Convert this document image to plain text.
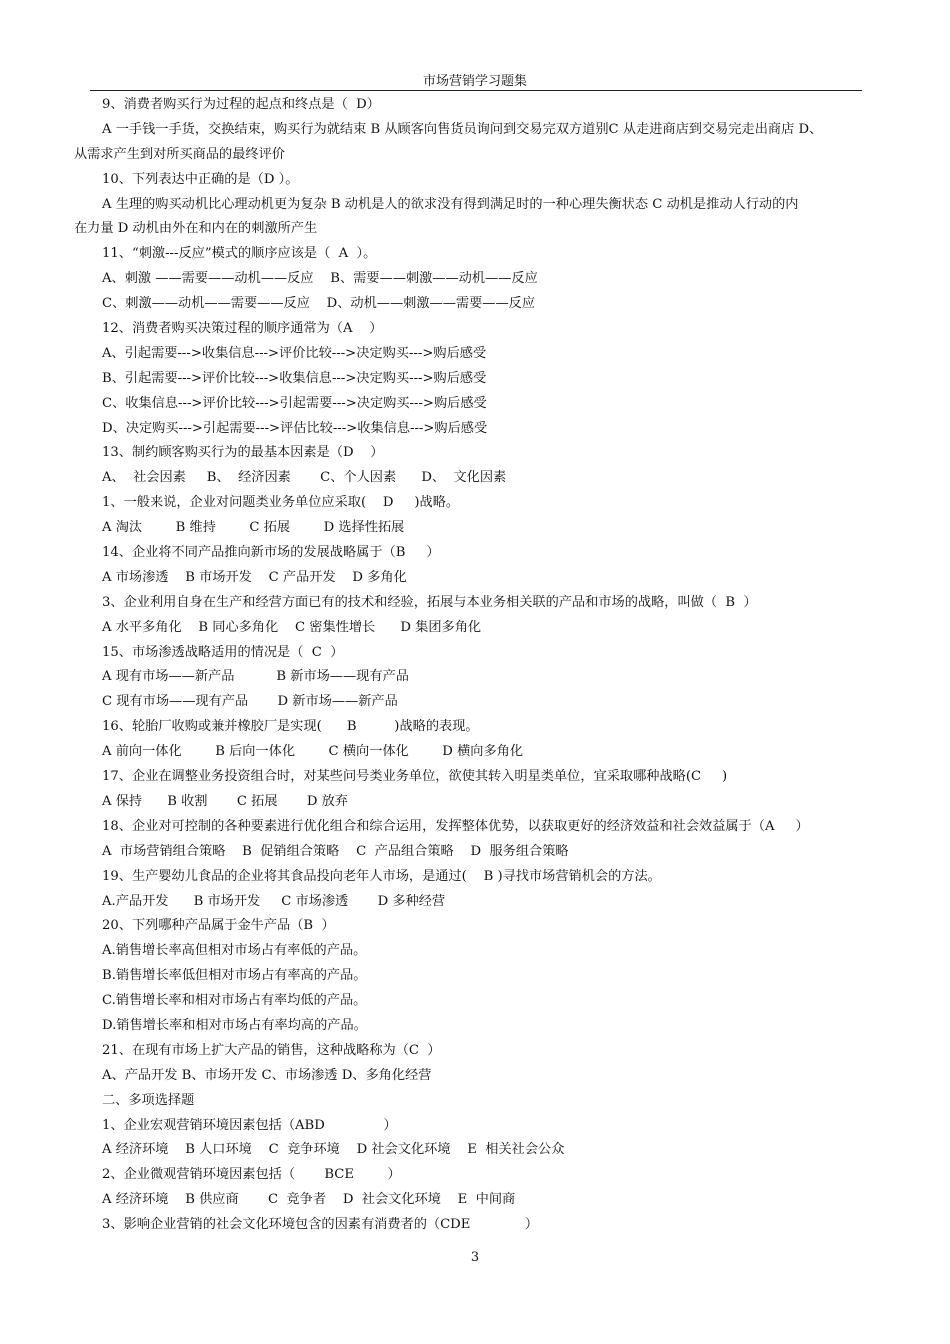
市场营销学习题集
9、消费者购买行为过程的起点和终点是（  D）
A 一手钱一手货，交换结束，购买行为就结束 B 从顾客向售货员询问到交易完双方道别C 从走进商店到交易完走出商店 D、
从需求产生到对所买商品的最终评价
10、下列表达中正确的是（D ）。
A 生理的购买动机比心理动机更为复杂 B 动机是人的欲求没有得到满足时的一种心理失衡状态 C 动机是推动人行动的内
在力量 D 动机由外在和内在的刺激所产生
11、“刺激---反应”模式的顺序应该是（  A  ）。
A、刺激 ——需要——动机——反应    B、需要——刺激——动机——反应
C、刺激——动机——需要——反应    D、动机——刺激——需要——反应
12、消费者购买决策过程的顺序通常为（A    ）
A、引起需要--->收集信息--->评价比较--->决定购买--->购后感受
B、引起需要--->评价比较--->收集信息--->决定购买--->购后感受
C、收集信息--->评价比较--->引起需要--->决定购买--->购后感受
D、决定购买--->引起需要--->评估比较--->收集信息--->购后感受
13、制约顾客购买行为的最基本因素是（D    ）
A、  社会因素     B、  经济因素       C、个人因素      D、  文化因素
1、一般来说，企业对问题类业务单位应采取(    D     )战略。
A 淘汰        B 维持        C 拓展        D 选择性拓展
14、企业将不同产品推向新市场的发展战略属于（B     ）
A 市场渗透    B 市场开发    C 产品开发    D 多角化
3、企业利用自身在生产和经营方面已有的技术和经验，拓展与本业务相关联的产品和市场的战略，叫做（  B  ）
A 水平多角化    B 同心多角化    C 密集性增长      D 集团多角化
15、市场渗透战略适用的情况是（  C  ）
A 现有市场——新产品          B 新市场——现有产品
C 现有市场——现有产品       D 新市场——新产品
16、轮胎厂收购或兼并橡胶厂是实现(      B         )战略的表现。
A 前向一体化        B 后向一体化        C 横向一体化        D 横向多角化
17、企业在调整业务投资组合时，对某些问号类业务单位，欲使其转入明星类单位，宜采取哪种战略(C     )
A 保持      B 收割       C 拓展       D 放弃
18、企业对可控制的各种要素进行优化组合和综合运用，发挥整体优势，以获取更好的经济效益和社会效益属于（A     ）
A  市场营销组合策略    B  促销组合策略    C  产品组合策略    D  服务组合策略
19、生产婴幼儿食品的企业将其食品投向老年人市场，是通过(    B )寻找市场营销机会的方法。
A.产品开发      B 市场开发     C 市场渗透       D 多种经营
20、下列哪种产品属于金牛产品（B  ）
A.销售增长率高但相对市场占有率低的产品。
B.销售增长率低但相对市场占有率高的产品。
C.销售增长率和相对市场占有率均低的产品。
D.销售增长率和相对市场占有率均高的产品。
21、在现有市场上扩大产品的销售，这种战略称为（C  ）
A、产品开发 B、市场开发 C、市场渗透 D、多角化经营
二、多项选择题
1、企业宏观营销环境因素包括（ABD              ）
A 经济环境    B 人口环境    C  竞争环境    D 社会文化环境    E  相关社会公众
2、企业微观营销环境因素包括（       BCE        ）
A 经济环境    B 供应商       C  竞争者    D  社会文化环境    E  中间商
3、影响企业营销的社会文化环境包含的因素有消费者的（CDE             ）
3
